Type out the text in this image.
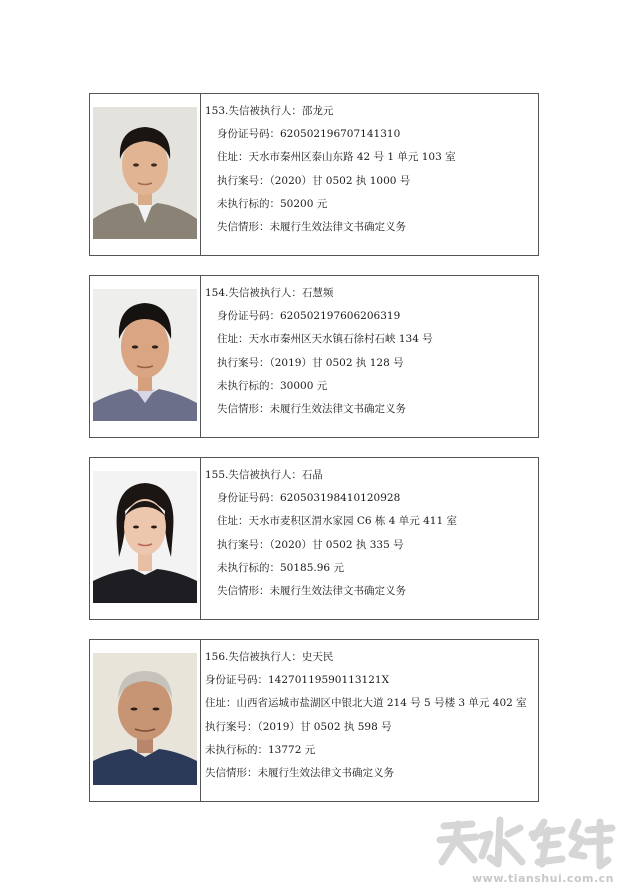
153.失信被执行人：邵龙元
身份证号码：620502196707141310
住址：天水市秦州区泰山东路 42 号 1 单元 103 室
执行案号：（2020）甘 0502 执 1000 号
未执行标的：50200 元
失信情形：未履行生效法律文书确定义务
154.失信被执行人：石慧频
身份证号码：620502197606206319
住址：天水市秦州区天水镇石徐村石峡 134 号
执行案号：（2019）甘 0502 执 128 号
未执行标的：30000 元
失信情形：未履行生效法律文书确定义务
155.失信被执行人：石晶
身份证号码：620503198410120928
住址：天水市麦积区渭水家园 C6 栋 4 单元 411 室
执行案号：（2020）甘 0502 执 335 号
未执行标的：50185.96 元
失信情形：未履行生效法律文书确定义务
156.失信被执行人：史天民
身份证号码：14270119590113121X
住址：山西省运城市盐湖区中银北大道 214 号 5 号楼 3 单元 402 室
执行案号：（2019）甘 0502 执 598 号
未执行标的：13772 元
失信情形：未履行生效法律文书确定义务
www.tianshui.com.cn
